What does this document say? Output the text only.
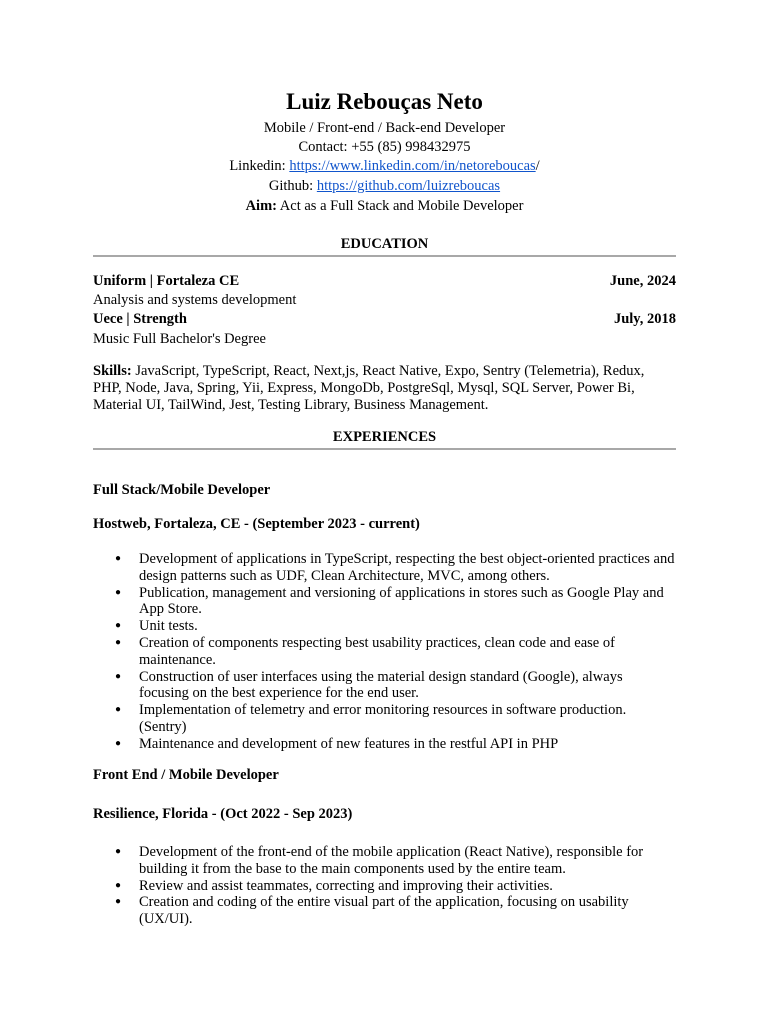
Luiz Rebouças Neto
Mobile / Front-end / Back-end Developer
Contact: +55 (85) 998432975
Linkedin: https://www.linkedin.com/in/netoreboucas/
Github: https://github.com/luizreboucas
Aim: Act as a Full Stack and Mobile Developer
EDUCATION
Uniform | Fortaleza CE	June, 2024
Analysis and systems development
Uece | Strength	July, 2018
Music Full Bachelor's Degree
Skills: JavaScript, TypeScript, React, Next,js, React Native, Expo, Sentry (Telemetria), Redux, PHP, Node, Java, Spring, Yii, Express, MongoDb, PostgreSql, Mysql, SQL Server, Power Bi, Material UI, TailWind, Jest, Testing Library, Business Management.
EXPERIENCES
Full Stack/Mobile Developer
Hostweb, Fortaleza, CE - (September 2023 - current)
● Development of applications in TypeScript, respecting the best object-oriented practices and design patterns such as UDF, Clean Architecture, MVC, among others.
● Publication, management and versioning of applications in stores such as Google Play and App Store.
● Unit tests.
● Creation of components respecting best usability practices, clean code and ease of maintenance.
● Construction of user interfaces using the material design standard (Google), always focusing on the best experience for the end user.
● Implementation of telemetry and error monitoring resources in software production. (Sentry)
● Maintenance and development of new features in the restful API in PHP
Front End / Mobile Developer
Resilience, Florida - (Oct 2022 - Sep 2023)
● Development of the front-end of the mobile application (React Native), responsible for building it from the base to the main components used by the entire team.
● Review and assist teammates, correcting and improving their activities.
● Creation and coding of the entire visual part of the application, focusing on usability (UX/UI).
